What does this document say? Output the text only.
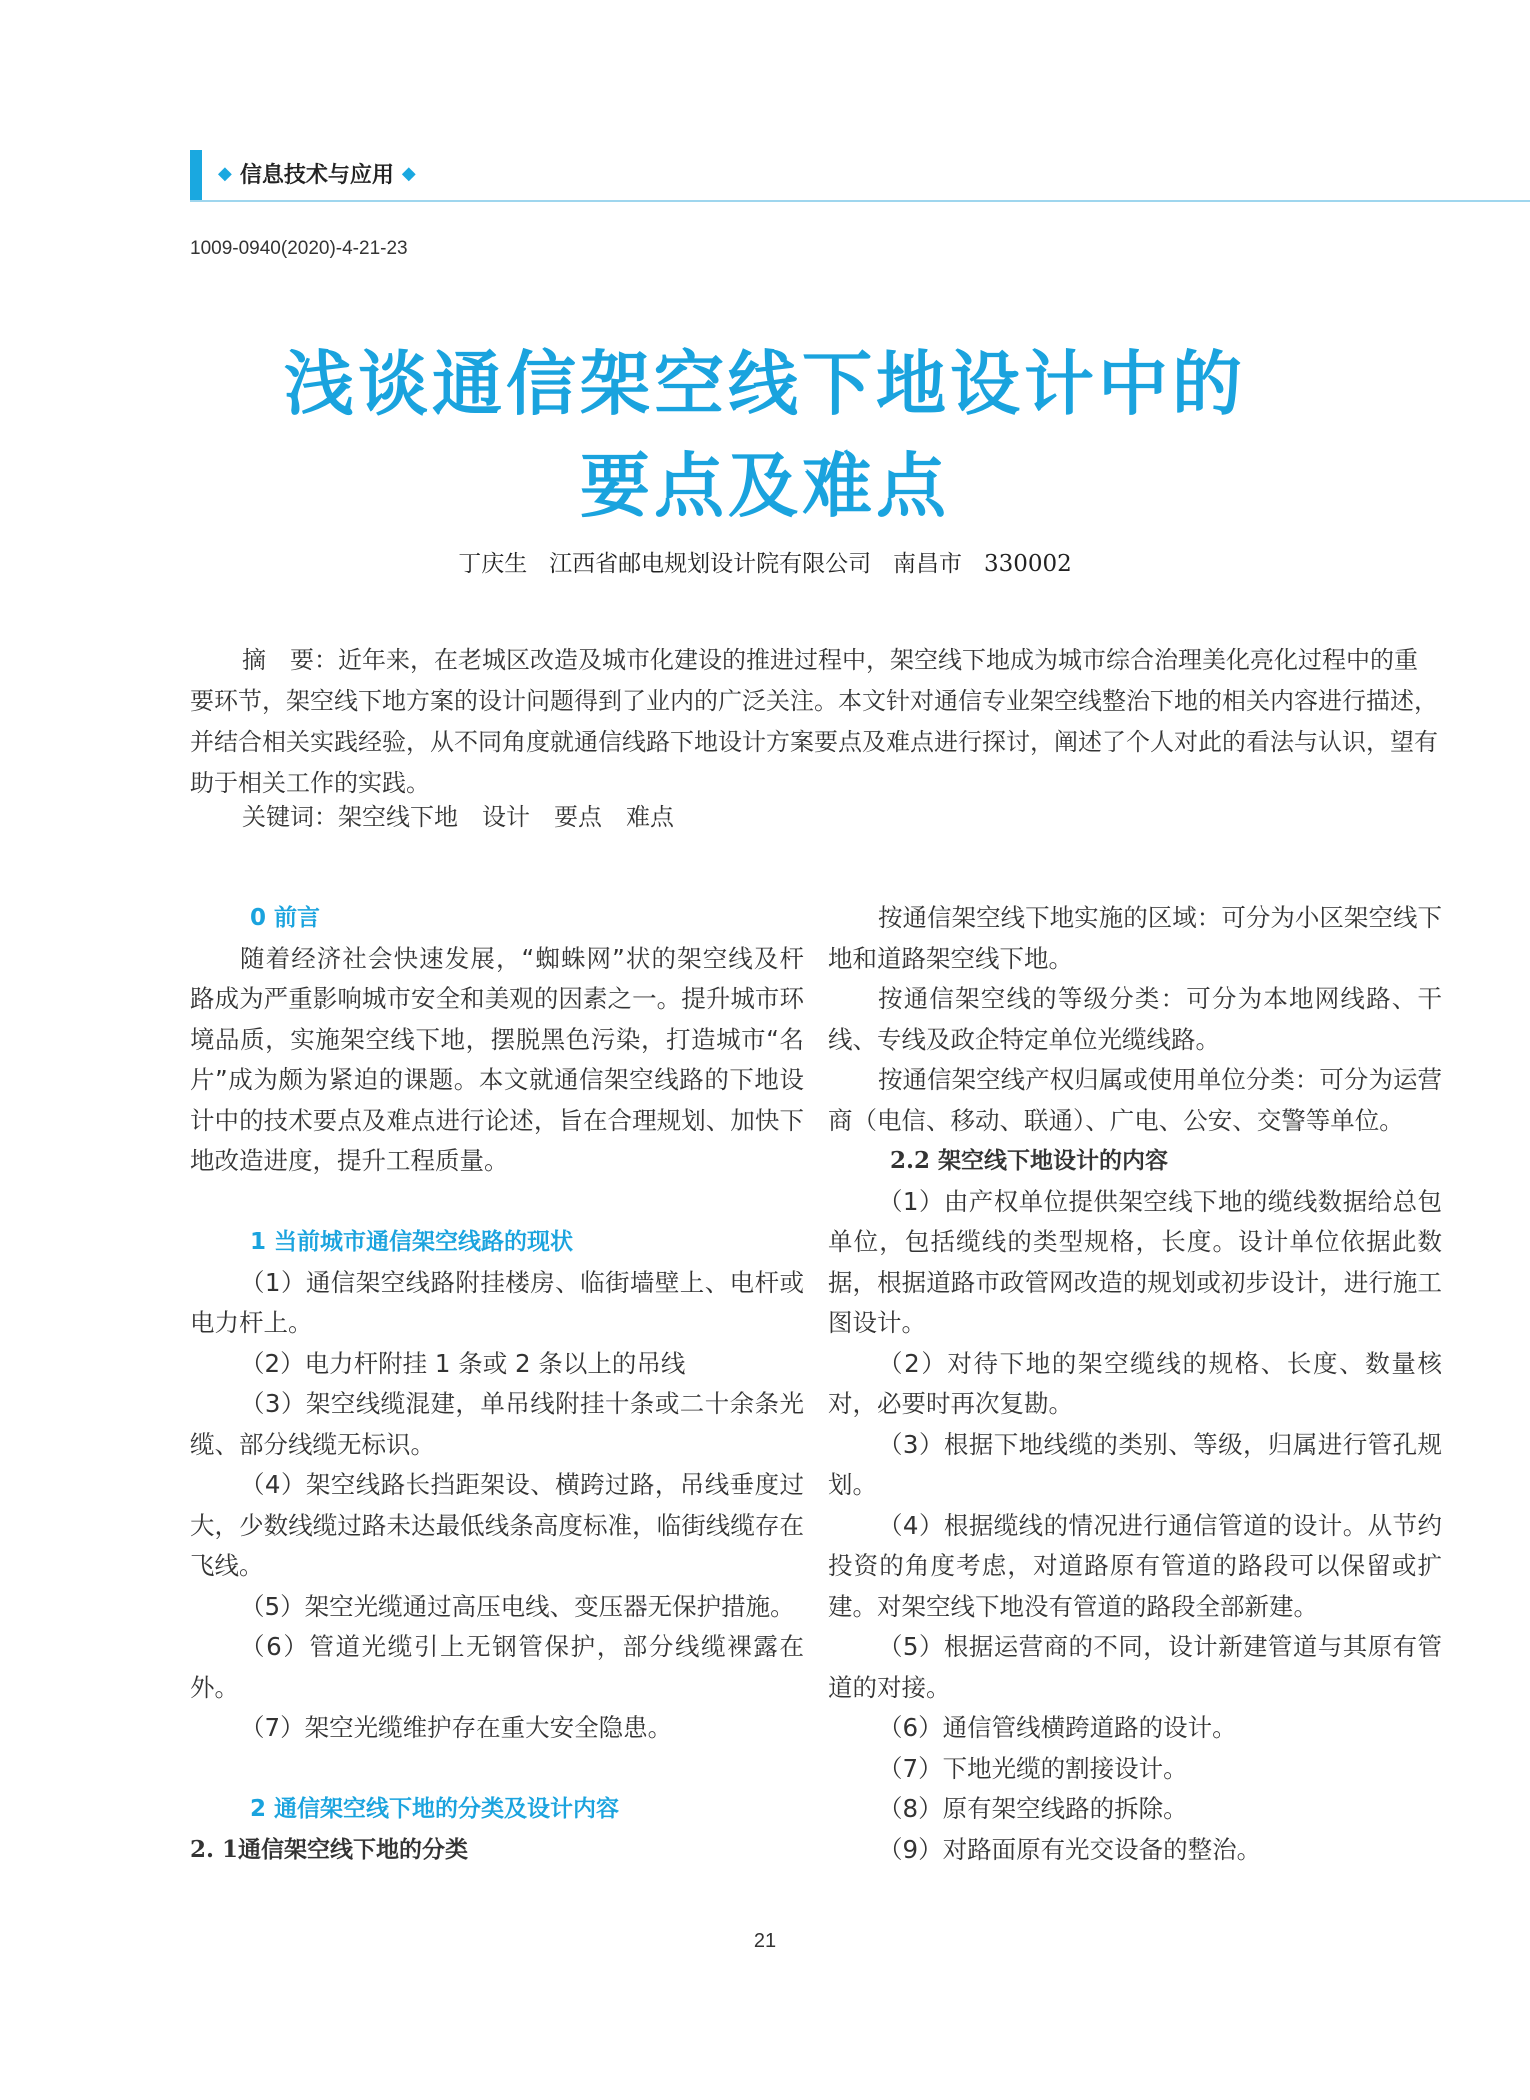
◆ 信息技术与应用 ◆
1009-0940(2020)-4-21-23
浅谈通信架空线下地设计中的
要点及难点
丁庆生   江西省邮电规划设计院有限公司   南昌市   330002
摘　要：近年来，在老城区改造及城市化建设的推进过程中，架空线下地成为城市综合治理美化亮化过程中的重要环节，架空线下地方案的设计问题得到了业内的广泛关注。本文针对通信专业架空线整治下地的相关内容进行描述，并结合相关实践经验，从不同角度就通信线路下地设计方案要点及难点进行探讨，阐述了个人对此的看法与认识，望有助于相关工作的实践。
关键词：架空线下地　设计　要点　难点

0 前言

随着经济社会快速发展，“蜘蛛网”状的架空线及杆路成为严重影响城市安全和美观的因素之一。提升城市环境品质，实施架空线下地，摆脱黑色污染，打造城市“名片”成为颇为紧迫的课题。本文就通信架空线路的下地设计中的技术要点及难点进行论述，旨在合理规划、加快下地改造进度，提升工程质量。

1 当前城市通信架空线路的现状

（1）通信架空线路附挂楼房、临街墙壁上、电杆或电力杆上。

（2）电力杆附挂 1 条或 2 条以上的吊线

（3）架空线缆混建，单吊线附挂十条或二十余条光缆、部分线缆无标识。

（4）架空线路长挡距架设、横跨过路，吊线垂度过大，少数线缆过路未达最低线条高度标准，临街线缆存在飞线。

（5）架空光缆通过高压电线、变压器无保护措施。

（6）管道光缆引上无钢管保护，部分线缆裸露在外。

（7）架空光缆维护存在重大安全隐患。

2 通信架空线下地的分类及设计内容

2. 1通信架空线下地的分类

按通信架空线下地实施的区域：可分为小区架空线下地和道路架空线下地。

按通信架空线的等级分类：可分为本地网线路、干线、专线及政企特定单位光缆线路。

按通信架空线产权归属或使用单位分类：可分为运营商（电信、移动、联通）、广电、公安、交警等单位。

2.2 架空线下地设计的内容

（1）由产权单位提供架空线下地的缆线数据给总包单位，包括缆线的类型规格，长度。设计单位依据此数据，根据道路市政管网改造的规划或初步设计，进行施工图设计。

（2）对待下地的架空缆线的规格、长度、数量核对，必要时再次复勘。

（3）根据下地线缆的类别、等级，归属进行管孔规划。

（4）根据缆线的情况进行通信管道的设计。从节约投资的角度考虑，对道路原有管道的路段可以保留或扩建。对架空线下地没有管道的路段全部新建。

（5）根据运营商的不同，设计新建管道与其原有管道的对接。

（6）通信管线横跨道路的设计。

（7）下地光缆的割接设计。

（8）原有架空线路的拆除。

（9）对路面原有光交设备的整治。

21
